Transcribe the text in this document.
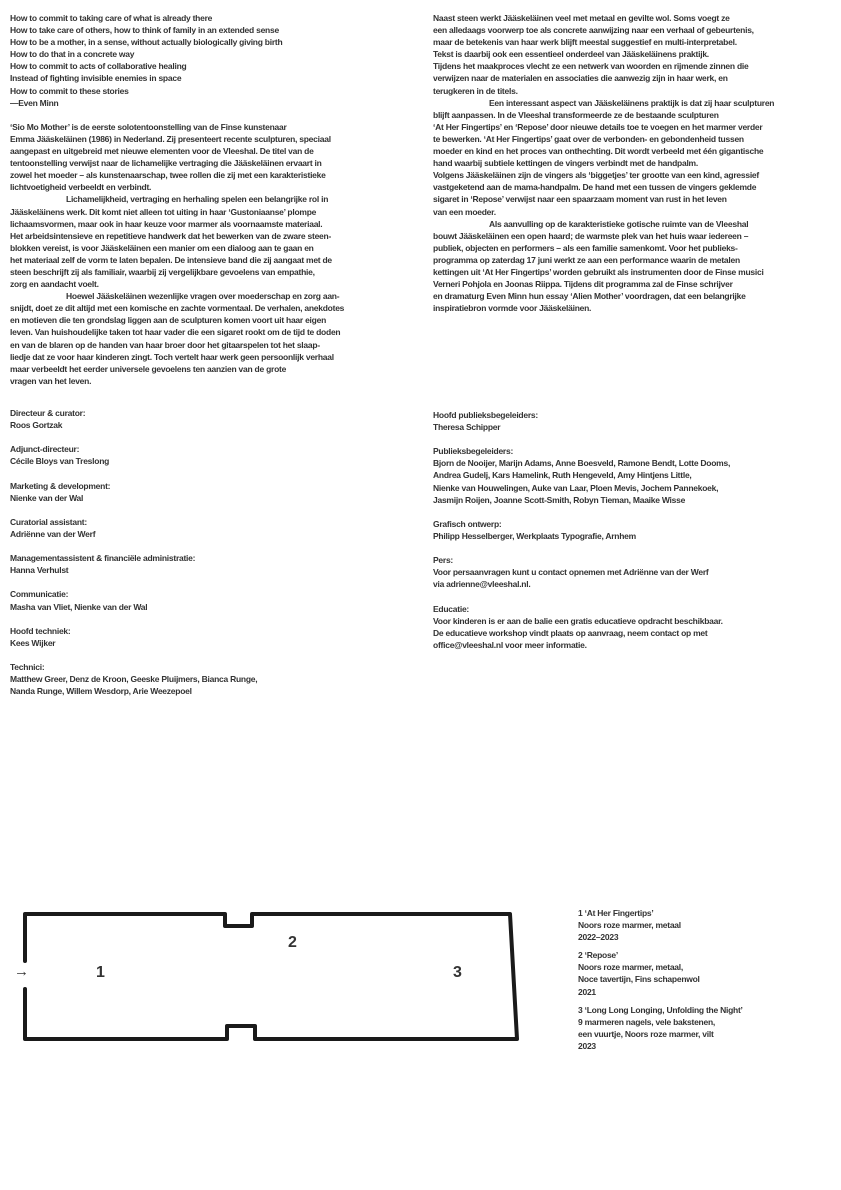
How to commit to taking care of what is already there
How to take care of others, how to think of family in an extended sense
How to be a mother, in a sense, without actually biologically giving birth
How to do that in a concrete way
How to commit to acts of collaborative healing
Instead of fighting invisible enemies in space
How to commit to these stories
—Even Minn
‘Sio Mo Mother’ is de eerste solotentoonstelling van de Finse kunstenaar
Emma Jääskeläinen (1986) in Nederland. Zij presenteert recente sculpturen, speciaal
aangepast en uitgebreid met nieuwe elementen voor de Vleeshal. De titel van de
tentoonstelling verwijst naar de lichamelijke vertraging die Jääskeläinen ervaart in
zowel het moeder – als kunstenaarschap, twee rollen die zij met een karakteristieke
lichtvoetigheid verbeeldt en verbindt.
Lichamelijkheid, vertraging en herhaling spelen een belangrijke rol in
Jääskeläinens werk. Dit komt niet alleen tot uiting in haar ‘Gustoniaanse’ plompe
lichaamsvormen, maar ook in haar keuze voor marmer als voornaamste materiaal.
Het arbeidsintensieve en repetitieve handwerk dat het bewerken van de zware steen-
blokken vereist, is voor Jääskeläinen een manier om een dialoog aan te gaan en
het materiaal zelf de vorm te laten bepalen. De intensieve band die zij aangaat met de
steen beschrijft zij als familiair, waarbij zij vergelijkbare gevoelens van empathie,
zorg en aandacht voelt.
Hoewel Jääskeläinen wezenlijke vragen over moederschap en zorg aan-
snijdt, doet ze dit altijd met een komische en zachte vormentaal. De verhalen, anekdotes
en motieven die ten grondslag liggen aan de sculpturen komen voort uit haar eigen
leven. Van huishoudelijke taken tot haar vader die een sigaret rookt om de tijd te doden
en van de blaren op de handen van haar broer door het gitaarspelen tot het slaap-
liedje dat ze voor haar kinderen zingt. Toch vertelt haar werk geen persoonlijk verhaal
maar verbeeldt het eerder universele gevoelens ten aanzien van de grote
vragen van het leven.
Naast steen werkt Jääskeläinen veel met metaal en gevilte wol. Soms voegt ze
een alledaags voorwerp toe als concrete aanwijzing naar een verhaal of gebeurtenis,
maar de betekenis van haar werk blijft meestal suggestief en multi-interpretabel.
Tekst is daarbij ook een essentieel onderdeel van Jääskeläinens praktijk.
Tijdens het maakproces vlecht ze een netwerk van woorden en rijmende zinnen die
verwijzen naar de materialen en associaties die aanwezig zijn in haar werk, en
terugkeren in de titels.
Een interessant aspect van Jääskeläinens praktijk is dat zij haar sculpturen
blijft aanpassen. In de Vleeshal transformeerde ze de bestaande sculpturen
‘At Her Fingertips’ en ‘Repose’ door nieuwe details toe te voegen en het marmer verder
te bewerken. ‘At Her Fingertips’ gaat over de verbonden- en gebondenheid tussen
moeder en kind en het proces van onthechting. Dit wordt verbeeld met één gigantische
hand waarbij subtiele kettingen de vingers verbindt met de handpalm.
Volgens Jääskeläinen zijn de vingers als ‘biggetjes’ ter grootte van een kind, agressief
vastgeketend aan de mama-handpalm. De hand met een tussen de vingers geklemde
sigaret in ‘Repose’ verwijst naar een spaarzaam moment van rust in het leven
van een moeder.
Als aanvulling op de karakteristieke gotische ruimte van de Vleeshal
bouwt Jääskeläinen een open haard; de warmste plek van het huis waar iedereen –
publiek, objecten en performers – als een familie samenkomt. Voor het publieks-
programma op zaterdag 17 juni werkt ze aan een performance waarin de metalen
kettingen uit ‘At Her Fingertips’ worden gebruikt als instrumenten door de Finse musici
Verneri Pohjola en Joonas Riippa. Tijdens dit programma zal de Finse schrijver
en dramaturg Even Minn hun essay ‘Alien Mother’ voordragen, dat een belangrijke
inspiratiebron vormde voor Jääskeläinen.
Directeur & curator:
Roos Gortzak
Adjunct-directeur:
Cécile Bloys van Treslong
Marketing & development:
Nienke van der Wal
Curatorial assistant:
Adriënne van der Werf
Managementassistent & financiële administratie:
Hanna Verhulst
Communicatie:
Masha van Vliet, Nienke van der Wal
Hoofd techniek:
Kees Wijker
Technici:
Matthew Greer, Denz de Kroon, Geeske Pluijmers, Bianca Runge,
Nanda Runge, Willem Wesdorp, Arie Weezepoel
Hoofd publieksbegeleiders:
Theresa Schipper
Publieksbegeleiders:
Bjorn de Nooijer, Marijn Adams, Anne Boesveld, Ramone Bendt, Lotte Dooms,
Andrea Gudelj, Kars Hamelink, Ruth Hengeveld, Amy Hintjens Little,
Nienke van Houwelingen, Auke van Laar, Ploen Mevis, Jochem Pannekoek,
Jasmijn Roijen, Joanne Scott-Smith, Robyn Tieman, Maaike Wisse
Grafisch ontwerp:
Philipp Hesselberger, Werkplaats Typografie, Arnhem
Pers:
Voor persaanvragen kunt u contact opnemen met Adriënne van der Werf
via adrienne@vleeshal.nl.
Educatie:
Voor kinderen is er aan de balie een gratis educatieve opdracht beschikbaar.
De educatieve workshop vindt plaats op aanvraag, neem contact op met
office@vleeshal.nl voor meer informatie.
→	1
2
3
1 ‘At Her Fingertips’
Noors roze marmer, metaal
2022–2023
2 ‘Repose’
Noors roze marmer, metaal,
Noce tavertijn, Fins schapenwol
2021
3 ‘Long Long Longing, Unfolding the Night’
9 marmeren nagels, vele bakstenen,
een vuurtje, Noors roze marmer, vilt
2023
